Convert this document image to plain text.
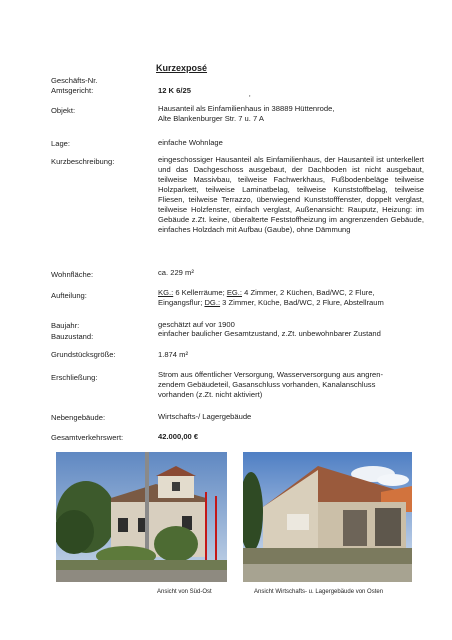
Kurzexposé
Geschäfts-Nr.
Amtsgericht:	12 K 6/25	‚
Objekt:	Hausanteil als Einfamilienhaus in 38889 Hüttenrode,
Alte Blankenburger Str. 7 u. 7 A
Lage:	einfache Wohnlage
Kurzbeschreibung:	eingeschossiger Hausanteil als Einfamilienhaus, der Hausanteil ist unterkellert und das Dachgeschoss ausgebaut, der Dachboden ist nicht ausgebaut, teilweise Massivbau, teilweise Fachwerkhaus, Fußbodenbeläge teilweise Holzparkett, teilweise Laminatbelag, teilweise Kunststoffbelag, teilweise Fliesen, teilweise Terrazzo, überwiegend Kunststofffenster, doppelt verglast, teilweise Holzfenster, einfach verglast, Außenansicht: Rauputz, Heizung: im Gebäude z.Zt. keine, überalterte Feststoffheizung im angrenzenden Gebäude, einfaches Holzdach mit Aufbau (Gaube), ohne Dämmung
Wohnfläche:	ca. 229 m²
Aufteilung:	KG.: 6 Kellerräume; EG.: 4 Zimmer, 2 Küchen, Bad/WC, 2 Flure,
Eingangsflur; DG.: 3 Zimmer, Küche, Bad/WC, 2 Flure, Abstellraum
Baujahr:	geschätzt auf vor 1900
Bauzustand:	einfacher baulicher Gesamtzustand, z.Zt. unbewohnbarer Zustand
Grundstücksgröße:	1.874 m²
Erschließung:	Strom aus öffentlicher Versorgung, Wasserversorgung aus angren-
zendem Gebäudeteil, Gasanschluss vorhanden, Kanalanschluss
vorhanden (z.Zt. nicht aktiviert)
Nebengebäude:	Wirtschafts-/ Lagergebäude
Gesamtverkehrswert:	42.000,00 €
Ansicht von Süd-Ost	Ansicht Wirtschafts- u. Lagergebäude von Osten
